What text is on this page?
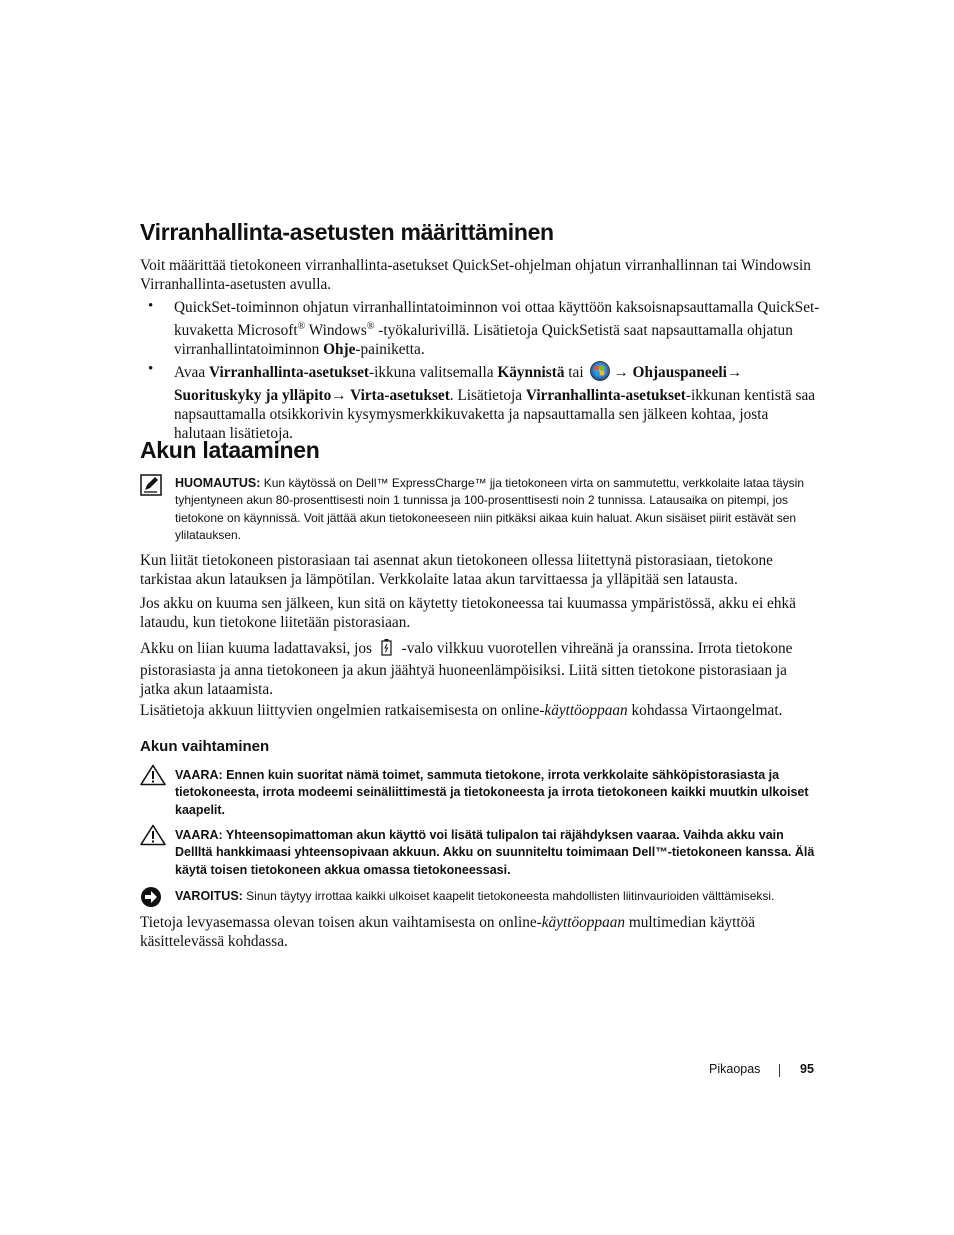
Virranhallinta-asetusten määrittäminen

Voit määrittää tietokoneen virranhallinta-asetukset QuickSet-ohjelman ohjatun virranhallinnan tai Windowsin Virranhallinta-asetusten avulla.

• QuickSet-toiminnon ohjatun virranhallintatoiminnon voi ottaa käyttöön kaksoisnapsauttamalla QuickSet-kuvaketta Microsoft® Windows® -työkalurivillä. Lisätietoja QuickSetistä saat napsauttamalla ohjatun virranhallintatoiminnon Ohje-painiketta.

• Avaa Virranhallinta-asetukset-ikkuna valitsemalla Käynnistä tai → Ohjauspaneeli→ Suorituskyky ja ylläpito→ Virta-asetukset. Lisätietoja Virranhallinta-asetukset-ikkunan kentistä saa napsauttamalla otsikkorivin kysymysmerkkikuvaketta ja napsauttamalla sen jälkeen kohtaa, josta halutaan lisätietoja.

Akun lataaminen

HUOMAUTUS: Kun käytössä on Dell™ ExpressCharge™ jja tietokoneen virta on sammutettu, verkkolaite lataa täysin tyhjentyneen akun 80-prosenttisesti noin 1 tunnissa ja 100-prosenttisesti noin 2 tunnissa. Latausaika on pitempi, jos tietokone on käynnissä. Voit jättää akun tietokoneeseen niin pitkäksi aikaa kuin haluat. Akun sisäiset piirit estävät sen ylilatauksen.

Kun liität tietokoneen pistorasiaan tai asennat akun tietokoneen ollessa liitettynä pistorasiaan, tietokone tarkistaa akun latauksen ja lämpötilan. Verkkolaite lataa akun tarvittaessa ja ylläpitää sen latausta.

Jos akku on kuuma sen jälkeen, kun sitä on käytetty tietokoneessa tai kuumassa ympäristössä, akku ei ehkä lataudu, kun tietokone liitetään pistorasiaan.

Akku on liian kuuma ladattavaksi, jos  -valo vilkkuu vuorotellen vihreänä ja oranssina. Irrota tietokone pistorasiasta ja anna tietokoneen ja akun jäähtyä huoneenlämpöisiksi. Liitä sitten tietokone pistorasiaan ja jatka akun lataamista.

Lisätietoja akkuun liittyvien ongelmien ratkaisemisesta on online-käyttöoppaan kohdassa Virtaongelmat.

Akun vaihtaminen

VAARA: Ennen kuin suoritat nämä toimet, sammuta tietokone, irrota verkkolaite sähköpistorasiasta ja tietokoneesta, irrota modeemi seinäliittimestä ja tietokoneesta ja irrota tietokoneen kaikki muutkin ulkoiset kaapelit.

VAARA: Yhteensopimattoman akun käyttö voi lisätä tulipalon tai räjähdyksen vaaraa. Vaihda akku vain Dellltä hankkimaasi yhteensopivaan akkuun. Akku on suunniteltu toimimaan Dell™-tietokoneen kanssa. Älä käytä toisen tietokoneen akkua omassa tietokoneessasi.

VAROITUS: Sinun täytyy irrottaa kaikki ulkoiset kaapelit tietokoneesta mahdollisten liitinvaurioiden välttämiseksi.

Tietoja levyasemassa olevan toisen akun vaihtamisesta on online-käyttöoppaan multimedian käyttöä käsittelevässä kohdassa.

Pikaopas	95
